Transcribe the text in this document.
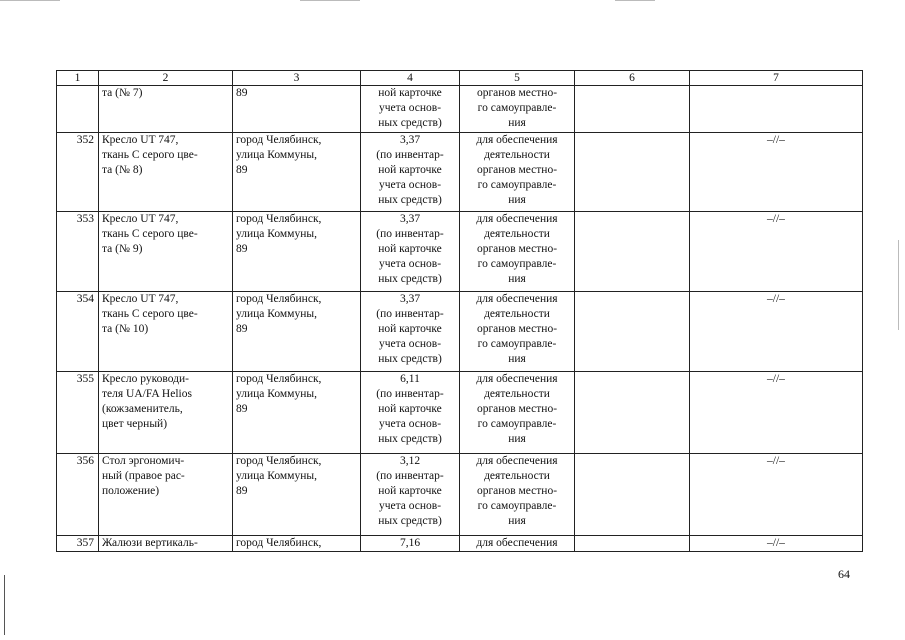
1	2	3	4	5	6	7
	та (№ 7)	89	ной карточке
учета основ-
ных средств)	органов местно-
го самоуправле-
ния		
352	Кресло UT 747,
ткань С серого цве-
та (№ 8)	город Челябинск,
улица Коммуны,
89	3,37
(по инвентар-
ной карточке
учета основ-
ных средств)	для обеспечения
деятельности
органов местно-
го самоуправле-
ния		–//–
353	Кресло UT 747,
ткань С серого цве-
та (№ 9)	город Челябинск,
улица Коммуны,
89	3,37
(по инвентар-
ной карточке
учета основ-
ных средств)	для обеспечения
деятельности
органов местно-
го самоуправле-
ния		–//–
354	Кресло UT 747,
ткань С серого цве-
та (№ 10)	город Челябинск,
улица Коммуны,
89	3,37
(по инвентар-
ной карточке
учета основ-
ных средств)	для обеспечения
деятельности
органов местно-
го самоуправле-
ния		–//–
355	Кресло руководи-
теля UA/FA Helios
(кожзаменитель,
цвет черный)	город Челябинск,
улица Коммуны,
89	6,11
(по инвентар-
ной карточке
учета основ-
ных средств)	для обеспечения
деятельности
органов местно-
го самоуправле-
ния		–//–
356	Стол эргономич-
ный (правое рас-
положение)	город Челябинск,
улица Коммуны,
89	3,12
(по инвентар-
ной карточке
учета основ-
ных средств)	для обеспечения
деятельности
органов местно-
го самоуправле-
ния		–//–
357	Жалюзи вертикаль-	город Челябинск,	7,16	для обеспечения		–//–
64
